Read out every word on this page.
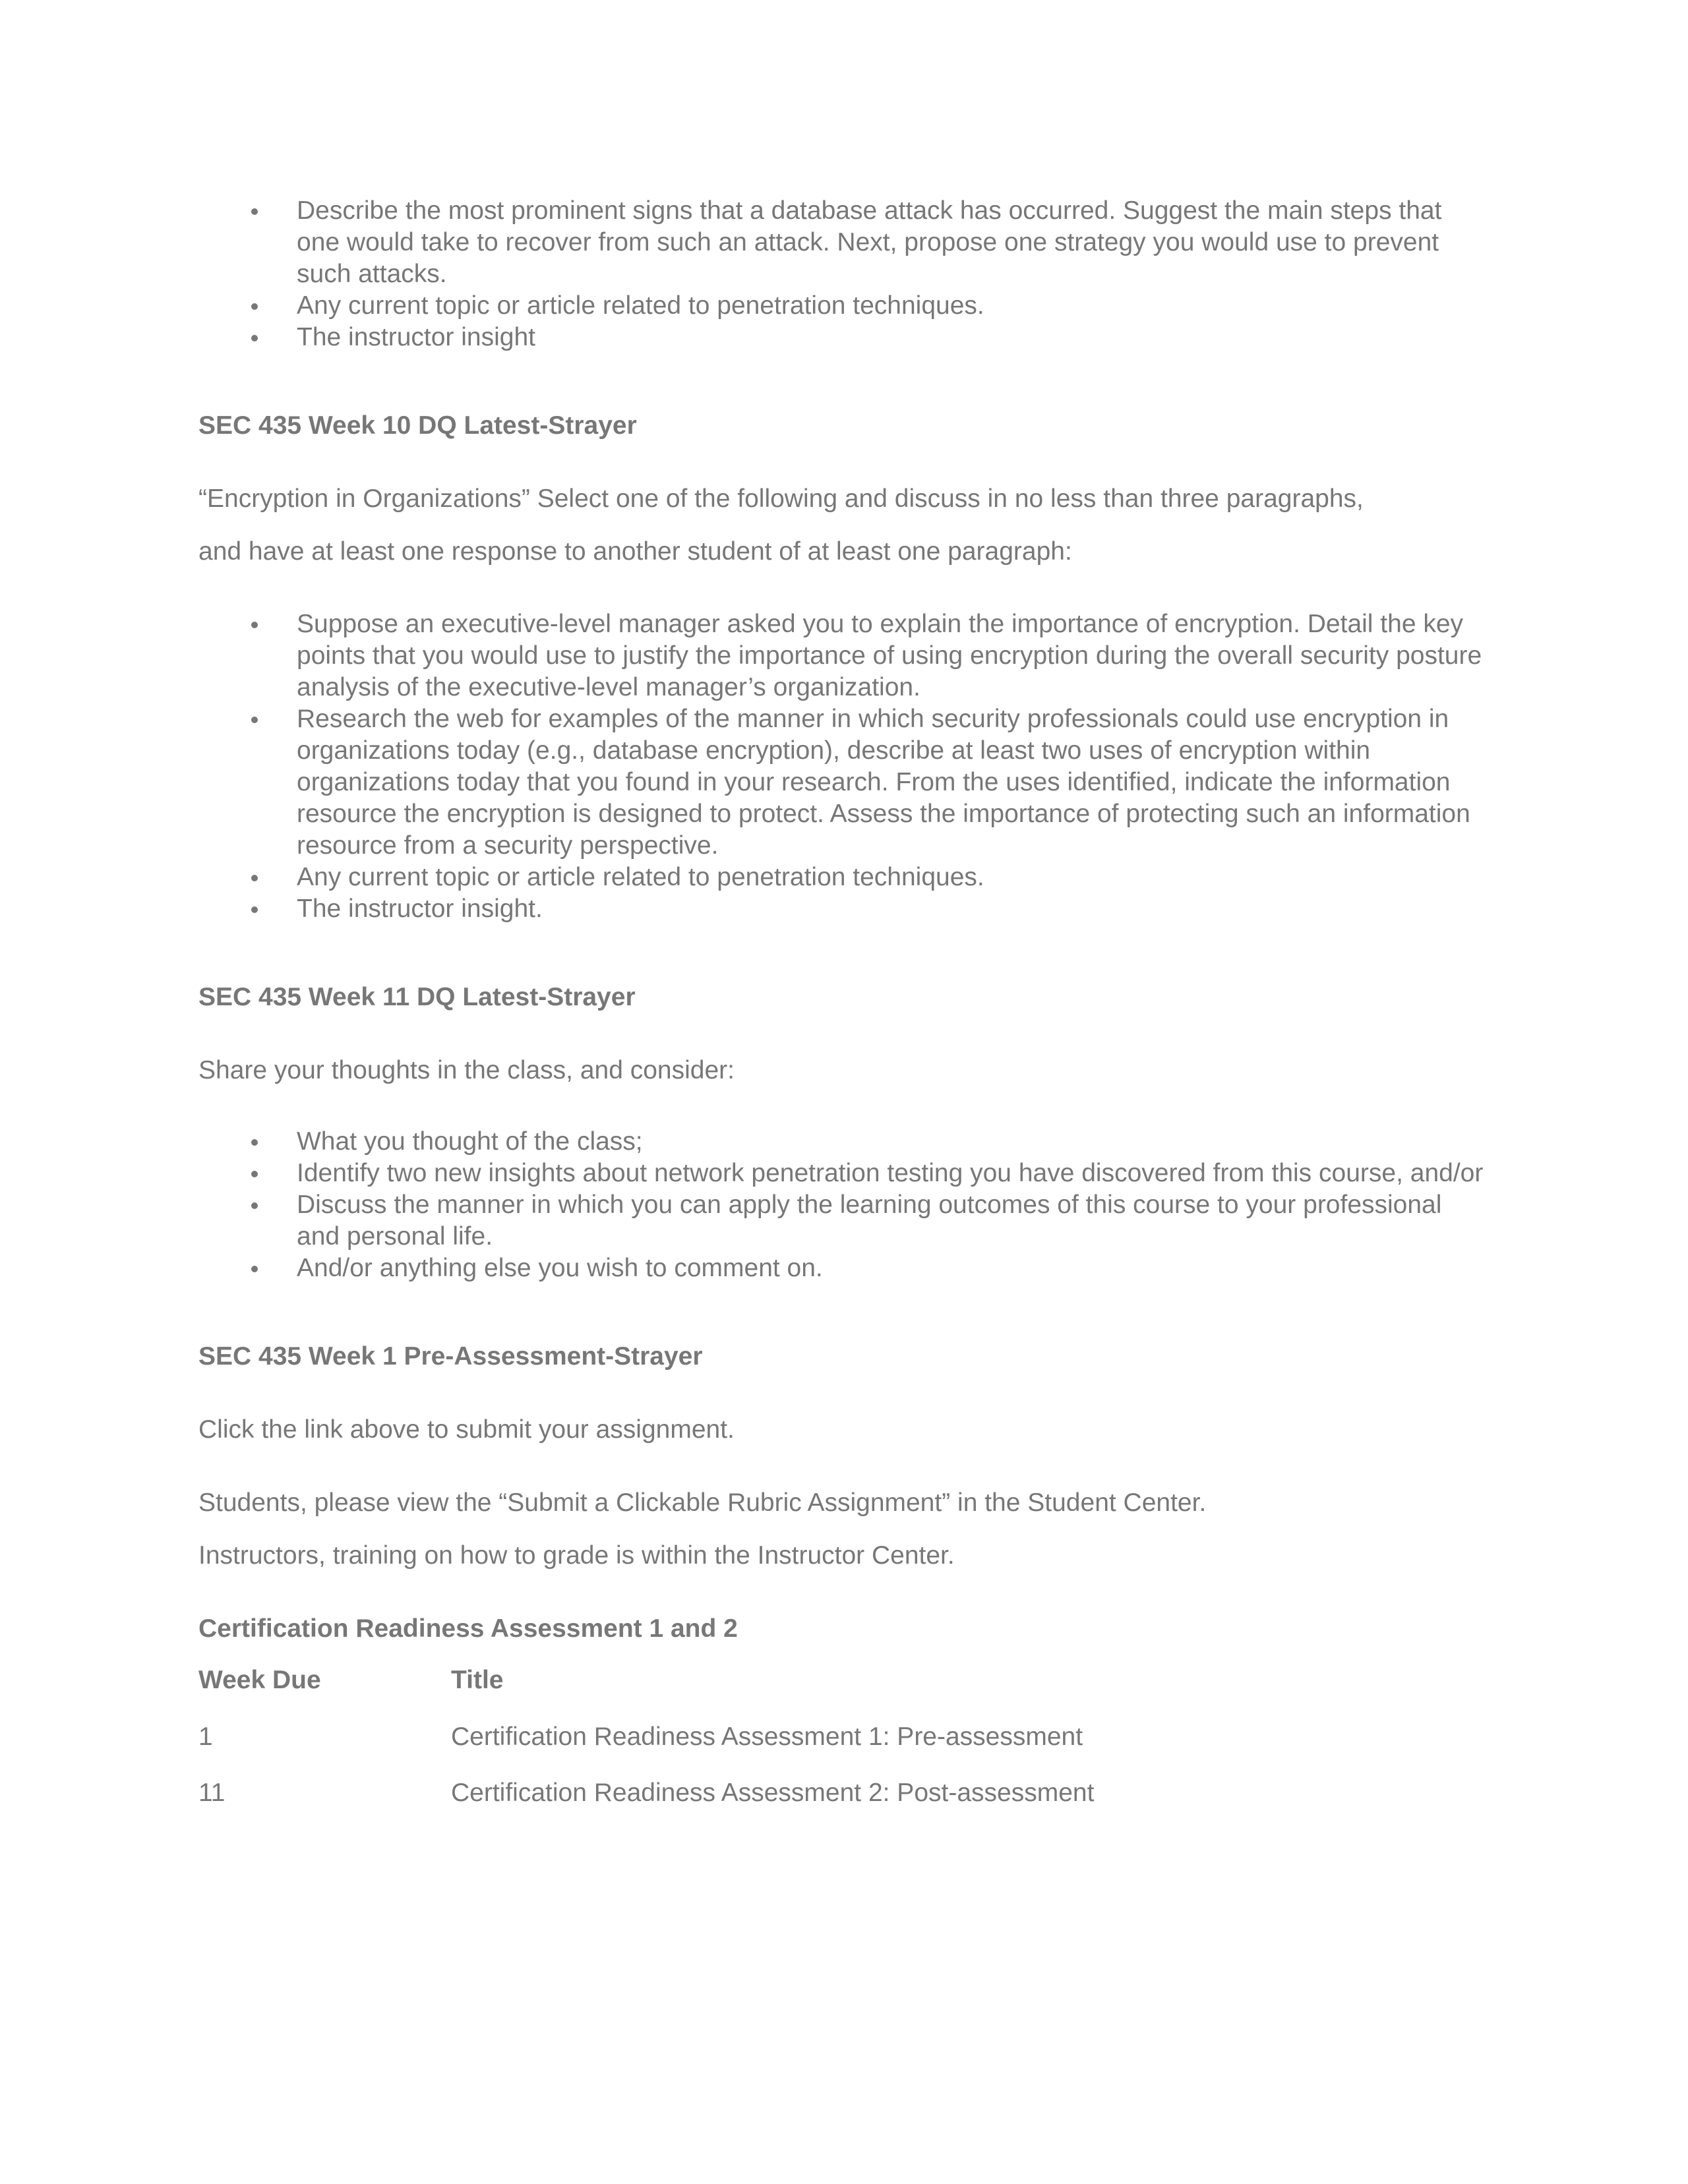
Describe the most prominent signs that a database attack has occurred. Suggest the main steps that one would take to recover from such an attack. Next, propose one strategy you would use to prevent such attacks.
Any current topic or article related to penetration techniques.
The instructor insight

SEC 435 Week 10 DQ Latest-Strayer

“Encryption in Organizations” Select one of the following and discuss in no less than three paragraphs,

and have at least one response to another student of at least one paragraph:

Suppose an executive-level manager asked you to explain the importance of encryption. Detail the key points that you would use to justify the importance of using encryption during the overall security posture analysis of the executive-level manager’s organization.
Research the web for examples of the manner in which security professionals could use encryption in organizations today (e.g., database encryption), describe at least two uses of encryption within organizations today that you found in your research. From the uses identified, indicate the information resource the encryption is designed to protect. Assess the importance of protecting such an information resource from a security perspective.
Any current topic or article related to penetration techniques.
The instructor insight.

SEC 435 Week 11 DQ Latest-Strayer

Share your thoughts in the class, and consider:

What you thought of the class;
Identify two new insights about network penetration testing you have discovered from this course, and/or
Discuss the manner in which you can apply the learning outcomes of this course to your professional and personal life.
And/or anything else you wish to comment on.

SEC 435 Week 1 Pre-Assessment-Strayer

Click the link above to submit your assignment.

Students, please view the “Submit a Clickable Rubric Assignment” in the Student Center.

Instructors, training on how to grade is within the Instructor Center.

Certification Readiness Assessment 1 and 2

Week Due	Title
1	Certification Readiness Assessment 1: Pre-assessment
11	Certification Readiness Assessment 2: Post-assessment
